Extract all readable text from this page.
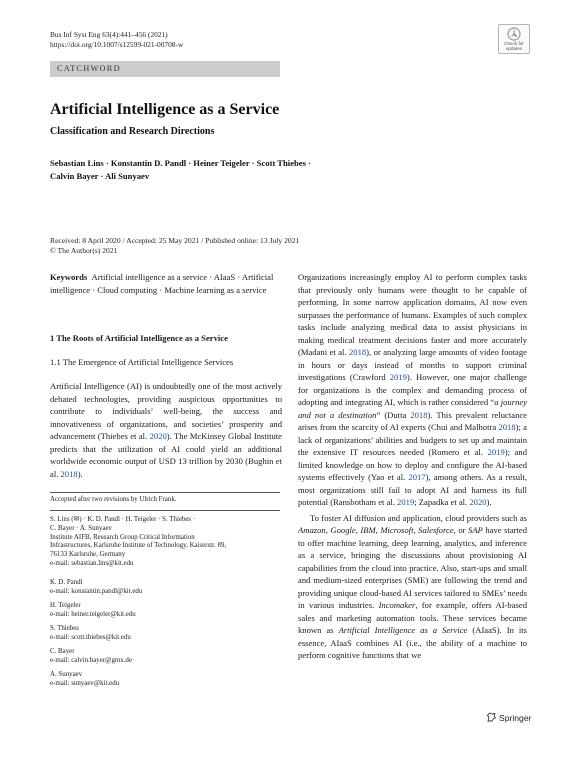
Bus Inf Syst Eng 63(4):441–456 (2021)
https://doi.org/10.1007/s12599-021-00708-w	Check for
updates
CATCHWORD
Artificial Intelligence as a Service
Classification and Research Directions
Sebastian Lins · Konstantin D. Pandl · Heiner Teigeler · Scott Thiebes ·
Calvin Bayer · Ali Sunyaev
Received: 8 April 2020 / Accepted: 25 May 2021 / Published online: 13 July 2021
© The Author(s) 2021

Keywords Artificial intelligence as a service · AIaaS · Artificial intelligence · Cloud computing · Machine learning as a service

1 The Roots of Artificial Intelligence as a Service
1.1 The Emergence of Artificial Intelligence Services

Artificial Intelligence (AI) is undoubtedly one of the most actively debated technologies, providing auspicious opportunities to contribute to individuals’ well-being, the success and innovativeness of organizations, and societies’ prosperity and advancement (Thiebes et al. 2020). The McKinsey Global Institute predicts that the utilization of AI could yield an additional worldwide economic output of USD 13 trillion by 2030 (Bughin et al. 2018).

Accepted after two revisions by Ulrich Frank.
S. Lins (✉) · K. D. Pandl · H. Teigeler · S. Thiebes ·
C. Bayer · A. Sunyaev
Institute AIFB, Research Group Critical Information
Infrastructures, Karlsruhe Institute of Technology, Kaiserstr. 89,
76133 Karlsruhe, Germany
e-mail: sebastian.lins@kit.edu
K. D. Pandl
e-mail: konstantin.pandl@kit.edu
H. Teigeler
e-mail: heiner.teigeler@kit.edu
S. Thiebes
e-mail: scott.thiebes@kit.edu
C. Bayer
e-mail: calvin.bayer@gmx.de
A. Sunyaev
e-mail: sunyaev@kit.edu

Organizations increasingly employ AI to perform complex tasks that previously only humans were thought to be capable of performing. In some narrow application domains, AI now even surpasses the performance of humans. Examples of such complex tasks include analyzing medical data to assist physicians in making medical treatment decisions faster and more accurately (Madani et al. 2018), or analyzing large amounts of video footage in hours or days instead of months to support criminal investigations (Crawford 2019). However, one major challenge for organizations is the complex and demanding process of adopting and integrating AI, which is rather considered “a journey and not a destination” (Dutta 2018). This prevalent reluctance arises from the scarcity of AI experts (Chui and Malhotra 2018); a lack of organizations’ abilities and budgets to set up and maintain the extensive IT resources needed (Romero et al. 2019); and limited knowledge on how to deploy and configure the AI-based systems effectively (Yao et al. 2017), among others. As a result, most organizations still fail to adopt AI and harness its full potential (Ransbotham et al. 2019; Zapadka et al. 2020).

To foster AI diffusion and application, cloud providers such as Amazon, Google, IBM, Microsoft, Salesforce, or SAP have started to offer machine learning, deep learning, analytics, and inference as a service, bringing the discussions about provisioning AI capabilities from the cloud into practice. Also, start-ups and small and medium-sized enterprises (SME) are following the trend and providing unique cloud-based AI services tailored to SMEs’ needs in various industries. Incomaker, for example, offers AI-based sales and marketing automation tools. These services became known as Artificial Intelligence as a Service (AIaaS). In its essence, AIaaS combines AI (i.e., the ability of a machine to perform cognitive functions that we

Springer
